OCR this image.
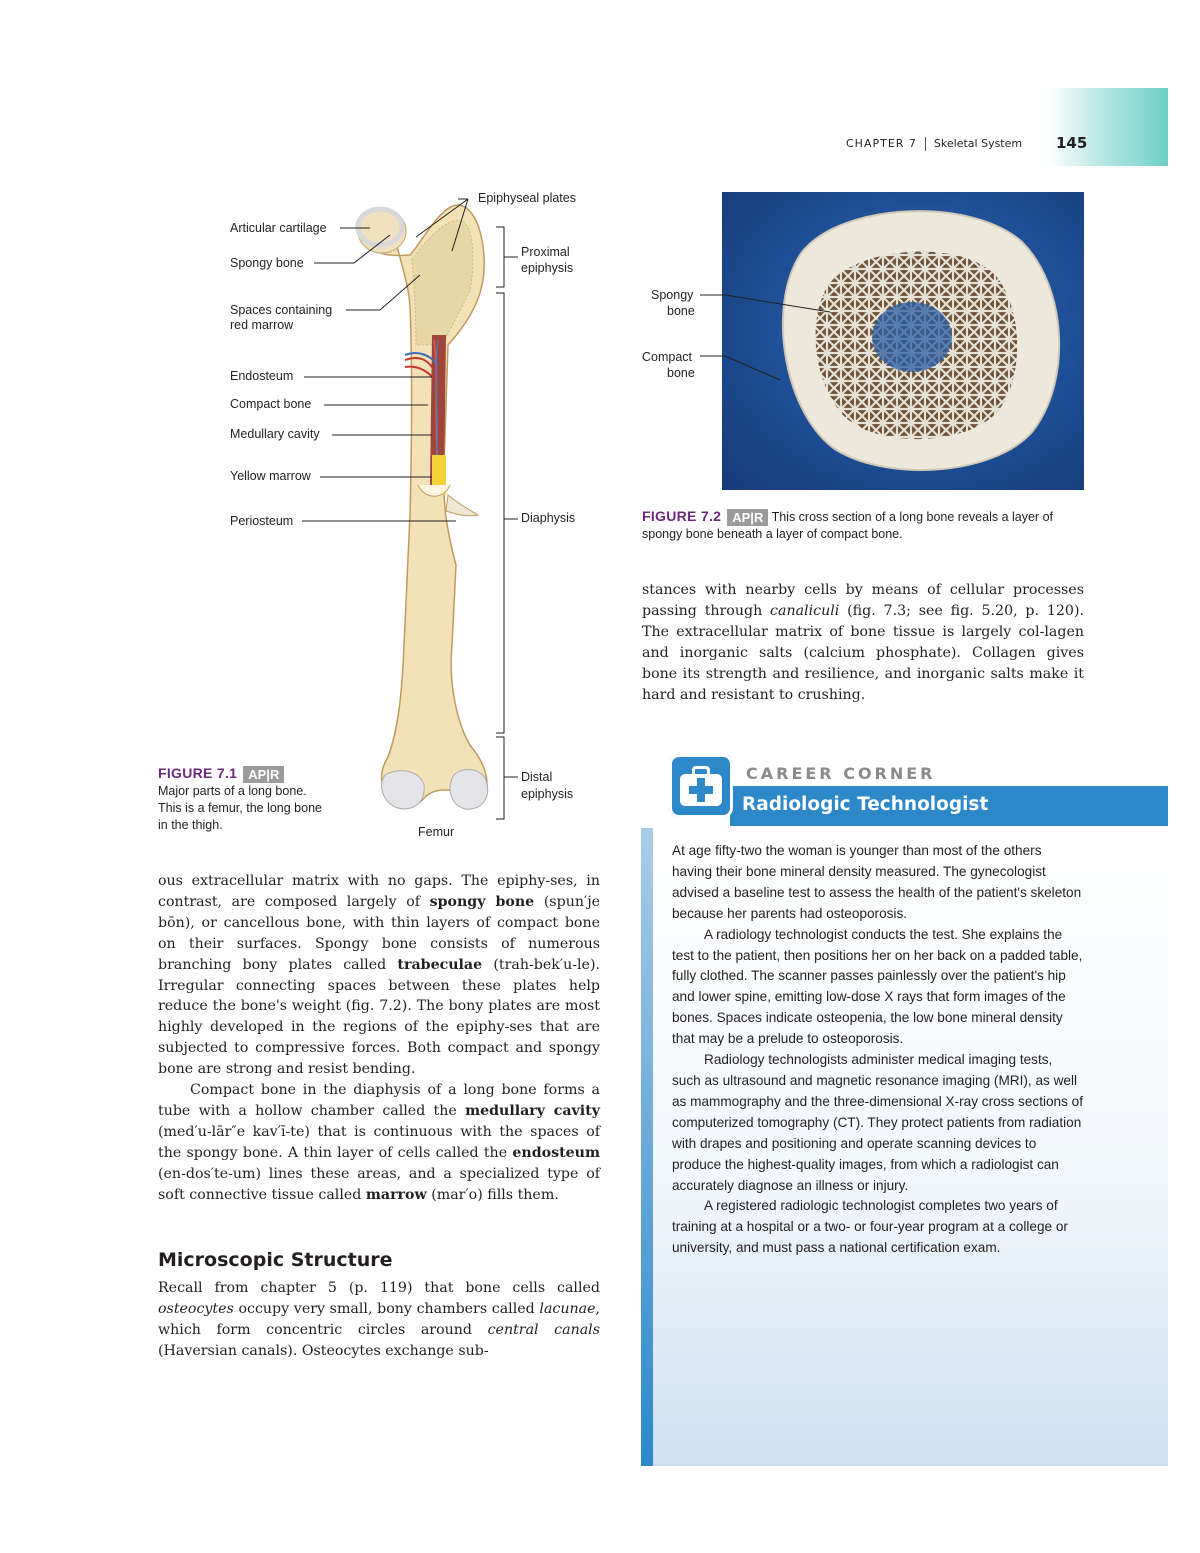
CHAPTER 7 Skeletal System 145
Epiphyseal plates
Articular cartilage
Spongy bone
Spaces containing
red marrow
Endosteum
Compact bone
Medullary cavity
Yellow marrow
Periosteum
Proximal
epiphysis
Diaphysis
Distal
epiphysis
Femur
FIGURE 7.1 AP|R
Major parts of a long bone.
This is a femur, the long bone
in the thigh.
Spongy
bone
Compact
bone
FIGURE 7.2 AP|R This cross section of a long bone reveals a layer of spongy bone beneath a layer of compact bone.

ous extracellular matrix with no gaps. The epiphy-ses, in contrast, are composed largely of spongy bone (spun′je bōn), or cancellous bone, with thin layers of compact bone on their surfaces. Spongy bone consists of numerous branching bony plates called trabeculae (trah-bek′u-le). Irregular connecting spaces between these plates help reduce the bone's weight (fig. 7.2). The bony plates are most highly developed in the regions of the epiphy-ses that are subjected to compressive forces. Both compact and spongy bone are strong and resist bending.

Compact bone in the diaphysis of a long bone forms a tube with a hollow chamber called the medullary cavity (med′u-lār″e kav′ĭ-te) that is continuous with the spaces of the spongy bone. A thin layer of cells called the endosteum (en-dos′te-um) lines these areas, and a specialized type of soft connective tissue called marrow (mar′o) fills them.

Microscopic Structure

Recall from chapter 5 (p. 119) that bone cells called osteocytes occupy very small, bony chambers called lacunae, which form concentric circles around central canals (Haversian canals). Osteocytes exchange sub-

stances with nearby cells by means of cellular processes passing through canaliculi (fig. 7.3; see fig. 5.20, p. 120). The extracellular matrix of bone tissue is largely col-lagen and inorganic salts (calcium phosphate). Collagen gives bone its strength and resilience, and inorganic salts make it hard and resistant to crushing.

CAREER CORNER
Radiologic Technologist

At age fifty-two the woman is younger than most of the others having their bone mineral density measured. The gynecologist advised a baseline test to assess the health of the patient's skeleton because her parents had osteoporosis.

A radiology technologist conducts the test. She explains the test to the patient, then positions her on her back on a padded table, fully clothed. The scanner passes painlessly over the patient's hip and lower spine, emitting low-dose X rays that form images of the bones. Spaces indicate osteopenia, the low bone mineral density that may be a prelude to osteoporosis.

Radiology technologists administer medical imaging tests, such as ultrasound and magnetic resonance imaging (MRI), as well as mammography and the three-dimensional X-ray cross sections of computerized tomography (CT). They protect patients from radiation with drapes and positioning and operate scanning devices to produce the highest-quality images, from which a radiologist can accurately diagnose an illness or injury.

A registered radiologic technologist completes two years of training at a hospital or a two- or four-year program at a college or university, and must pass a national certification exam.
